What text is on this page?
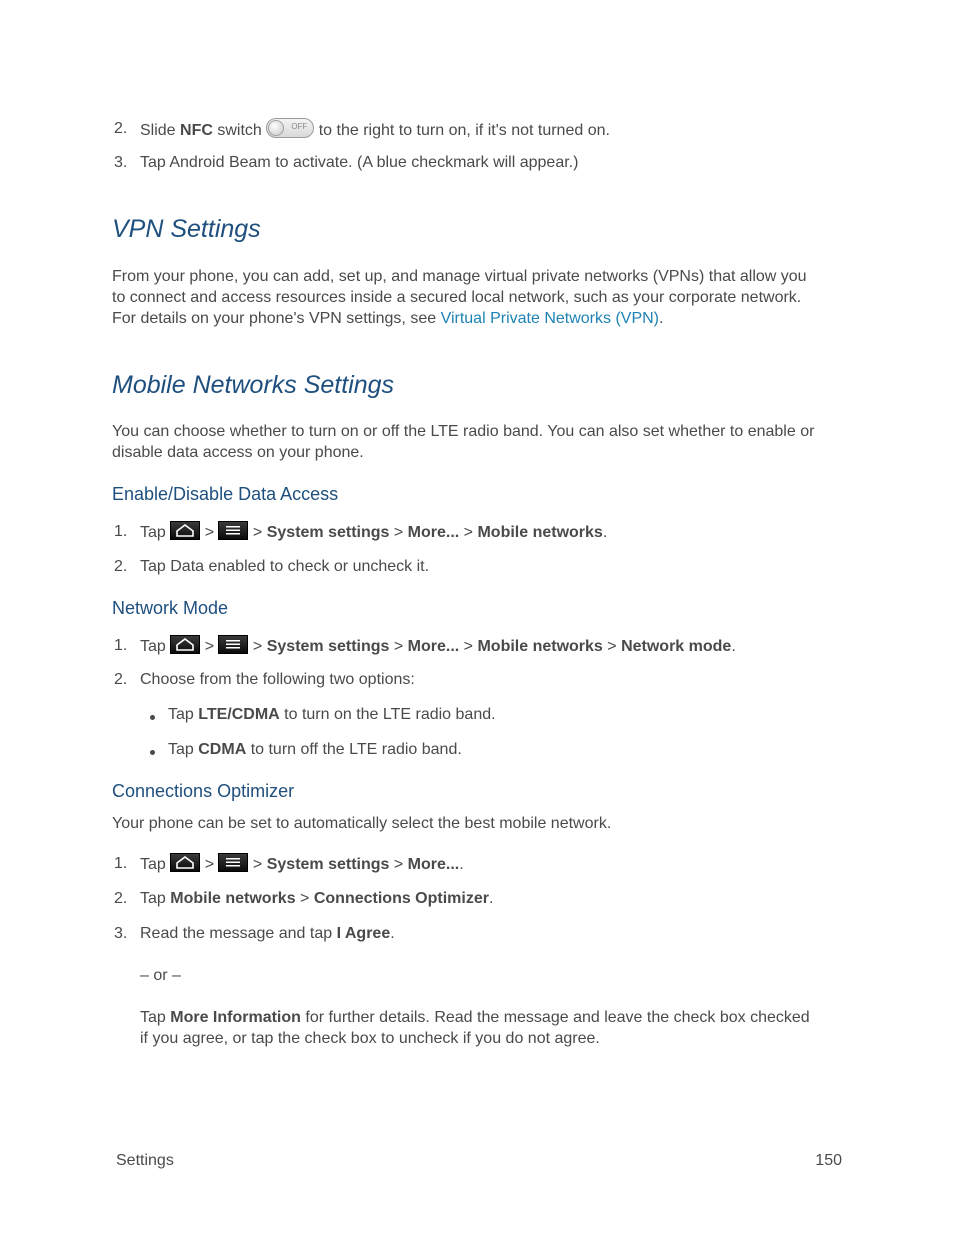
2. Slide NFC switch	OFF to the right to turn on, if it's not turned on.
3. Tap Android Beam to activate. (A blue checkmark will appear.)
VPN Settings
From your phone, you can add, set up, and manage virtual private networks (VPNs) that allow you
to connect and access resources inside a secured local network, such as your corporate network.
For details on your phone's VPN settings, see Virtual Private Networks (VPN).
Mobile Networks Settings
You can choose whether to turn on or off the LTE radio band. You can also set whether to enable or
disable data access on your phone.
Enable/Disable Data Access
1. Tap
>
> System settings > More... > Mobile networks.
2. Tap Data enabled to check or uncheck it.
Network Mode
1. Tap
>
> System settings > More... > Mobile networks > Network mode.
2. Choose from the following two options:
Tap LTE/CDMA to turn on the LTE radio band.
Tap CDMA to turn off the LTE radio band.
Connections Optimizer
Your phone can be set to automatically select the best mobile network.
1. Tap
>
> System settings > More....
2. Tap Mobile networks > Connections Optimizer.
3. Read the message and tap I Agree.
– or –
Tap More Information for further details. Read the message and leave the check box checked
if you agree, or tap the check box to uncheck if you do not agree.
Settings	150
